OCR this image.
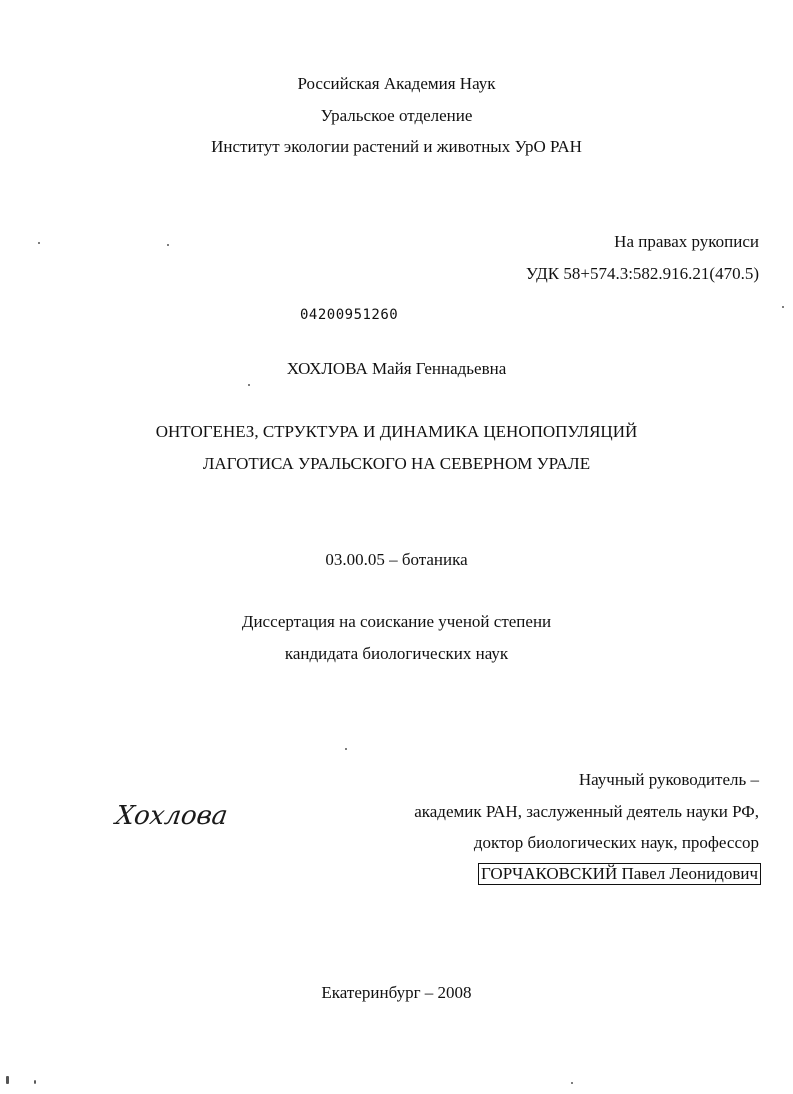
Российская Академия Наук
Уральское отделение
Институт экологии растений и животных УрО РАН
На правах рукописи
УДК 58+574.3:582.916.21(470.5)
04200951260
ХОХЛОВА Майя Геннадьевна
ОНТОГЕНЕЗ, СТРУКТУРА И ДИНАМИКА ЦЕНОПОПУЛЯЦИЙ
ЛАГОТИСА УРАЛЬСКОГО НА СЕВЕРНОМ УРАЛЕ
03.00.05 – ботаника
Диссертация на соискание ученой степени
кандидата биологических наук
Хохлова
Научный руководитель –
академик РАН, заслуженный деятель науки РФ,
доктор биологических наук, профессор
ГОРЧАКОВСКИЙ Павел Леонидович
Екатеринбург – 2008
